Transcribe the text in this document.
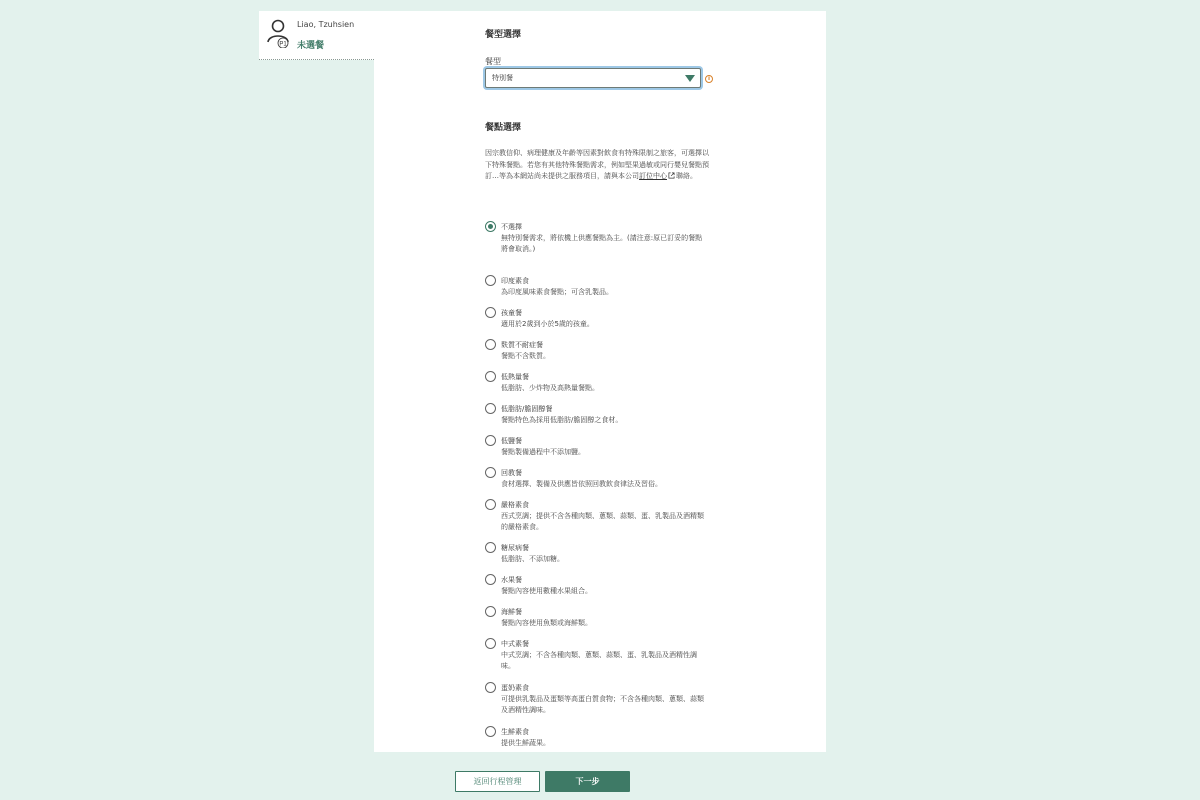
P1
Liao, Tzuhsien
未選餐
餐型選擇
餐型
特別餐	i
餐點選擇
因宗教信仰、病理健康及年齡等因素對飲食有特殊限制之旅客，可選擇以下特殊餐點。若您有其他特殊餐點需求，例如堅果過敏或同行嬰兒餐點預訂…等為本網站尚未提供之服務項目，請與本公司訂位中心 聯絡。
不選擇
無特別餐需求，將依機上供應餐點為主。(請注意:原已訂妥的餐點將會取消。)
印度素食
為印度風味素食餐點；可含乳製品。
孩童餐
適用於2歲到小於5歲的孩童。
麩質不耐症餐
餐點不含麩質。
低熱量餐
低脂肪、少炸物及高熱量餐點。
低脂肪/膽固醇餐
餐點特色為採用低脂肪/膽固醇之食材。
低鹽餐
餐點製備過程中不添加鹽。
回教餐
食材選擇、製備及供應皆依照回教飲食律法及習俗。
嚴格素食
西式烹調；提供不含各種肉類、蔥類、蒜類、蛋、乳製品及酒精類的嚴格素食。
糖尿病餐
低脂肪、不添加糖。
水果餐
餐點內容使用數種水果組合。
海鮮餐
餐點內容使用魚類或海鮮類。
中式素餐
中式烹調；不含各種肉類、蔥類、蒜類、蛋、乳製品及酒精性調味。
蛋奶素食
可提供乳製品及蛋類等高蛋白質食物；不含各種肉類、蔥類、蒜類及酒精性調味。
生鮮素食
提供生鮮蔬果。
返回行程管理	下一步
